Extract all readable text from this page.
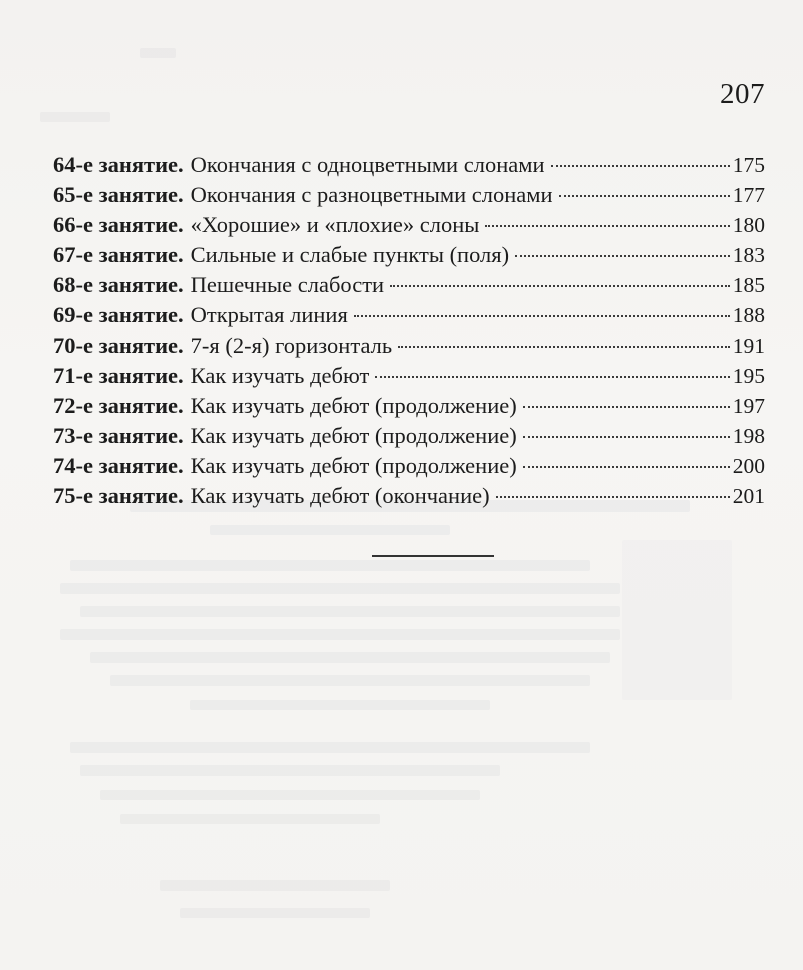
207
64-е занятие. Окончания с одноцветными слонами	175
65-е занятие. Окончания с разноцветными слонами	177
66-е занятие. «Хорошие» и «плохие» слоны	180
67-е занятие. Сильные и слабые пункты (поля)	183
68-е занятие. Пешечные слабости	185
69-е занятие. Открытая линия	188
70-е занятие. 7-я (2-я) горизонталь	191
71-е занятие. Как изучать дебют	195
72-е занятие. Как изучать дебют (продолжение)	197
73-е занятие. Как изучать дебют (продолжение)	198
74-е занятие. Как изучать дебют (продолжение)	200
75-е занятие. Как изучать дебют (окончание)	201
